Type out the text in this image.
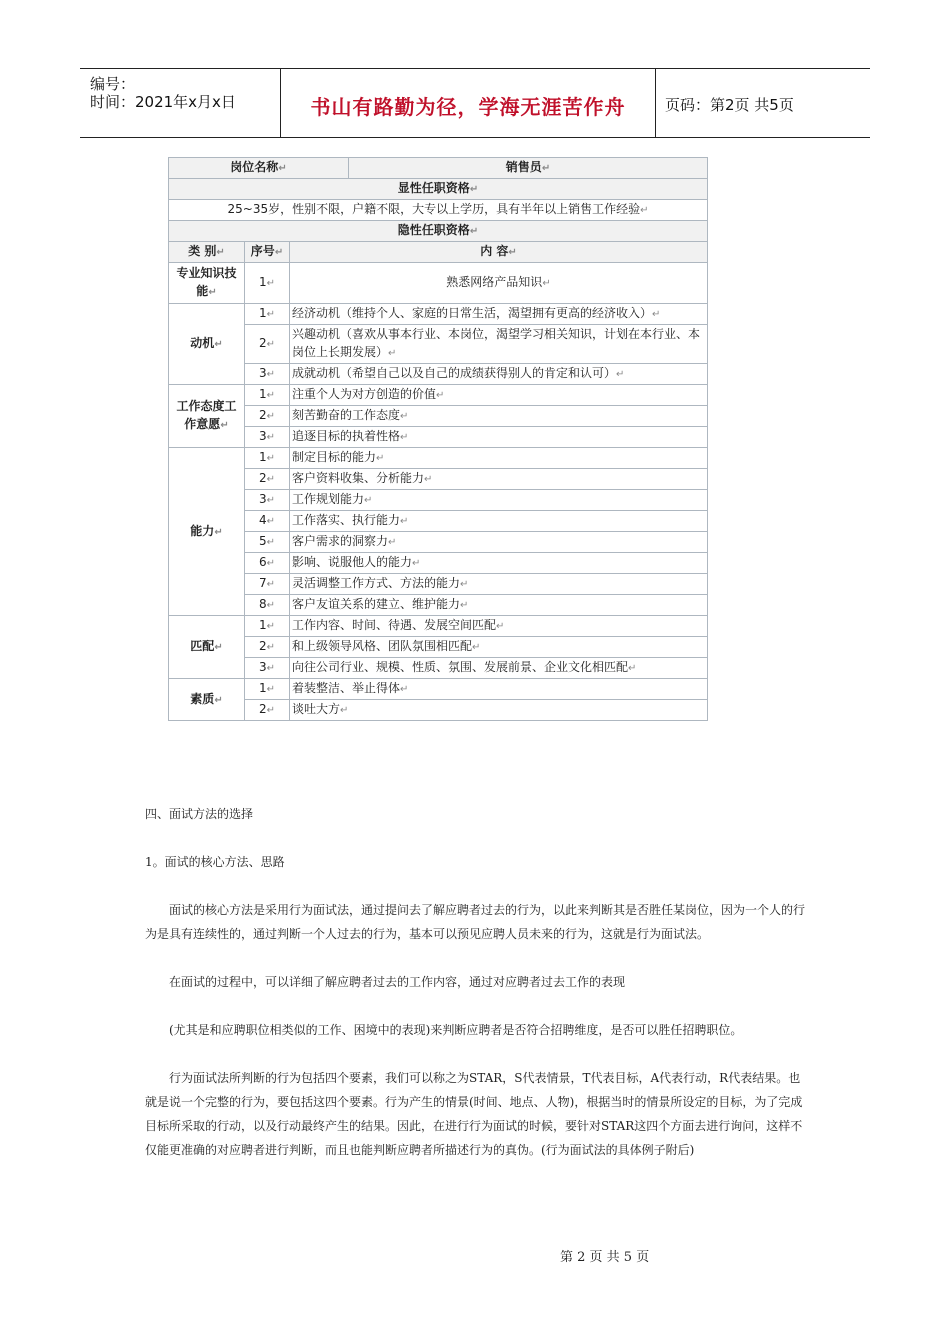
编号：
时间：2021年x月x日	书山有路勤为径，学海无涯苦作舟	页码：第2页 共5页
岗位名称↵			销售员↵
显性任职资格↵			
25~35岁，性别不限，户籍不限，大专以上学历，具有半年以上销售工作经验↵			
隐性任职资格↵			
类 别↵	序号↵	内 容↵	
专业知识技能↵	1↵	熟悉网络产品知识↵	
动机↵	1↵	经济动机（维持个人、家庭的日常生活，渴望拥有更高的经济收入）↵	
	2↵	兴趣动机（喜欢从事本行业、本岗位，渴望学习相关知识，计划在本行业、本岗位上长期发展）↵	
	3↵	成就动机（希望自己以及自己的成绩获得别人的肯定和认可）↵	
工作态度工作意愿↵	1↵	注重个人为对方创造的价值↵	
	2↵	刻苦勤奋的工作态度↵	
	3↵	追逐目标的执着性格↵	
能力↵	1↵	制定目标的能力↵	
	2↵	客户资料收集、分析能力↵	
	3↵	工作规划能力↵	
	4↵	工作落实、执行能力↵	
	5↵	客户需求的洞察力↵	
	6↵	影响、说服他人的能力↵	
	7↵	灵活调整工作方式、方法的能力↵	
	8↵	客户友谊关系的建立、维护能力↵	
匹配↵	1↵	工作内容、时间、待遇、发展空间匹配↵	
	2↵	和上级领导风格、团队氛围相匹配↵	
	3↵	向往公司行业、规模、性质、氛围、发展前景、企业文化相匹配↵	
素质↵	1↵	着装整洁、举止得体↵	
	2↵	谈吐大方↵	
四、面试方法的选择
1。面试的核心方法、思路
面试的核心方法是采用行为面试法，通过提问去了解应聘者过去的行为，以此来判断其是否胜任某岗位，因为一个人的行为是具有连续性的，通过判断一个人过去的行为，基本可以预见应聘人员未来的行为，这就是行为面试法。
在面试的过程中，可以详细了解应聘者过去的工作内容，通过对应聘者过去工作的表现
(尤其是和应聘职位相类似的工作、困境中的表现)来判断应聘者是否符合招聘维度，是否可以胜任招聘职位。
行为面试法所判断的行为包括四个要素，我们可以称之为STAR，S代表情景，T代表目标，A代表行动，R代表结果。也就是说一个完整的行为，要包括这四个要素。行为产生的情景(时间、地点、人物)，根据当时的情景所设定的目标，为了完成目标所采取的行动，以及行动最终产生的结果。因此，在进行行为面试的时候，要针对STAR这四个方面去进行询问，这样不仅能更准确的对应聘者进行判断，而且也能判断应聘者所描述行为的真伪。(行为面试法的具体例子附后)
第 2 页 共 5 页
